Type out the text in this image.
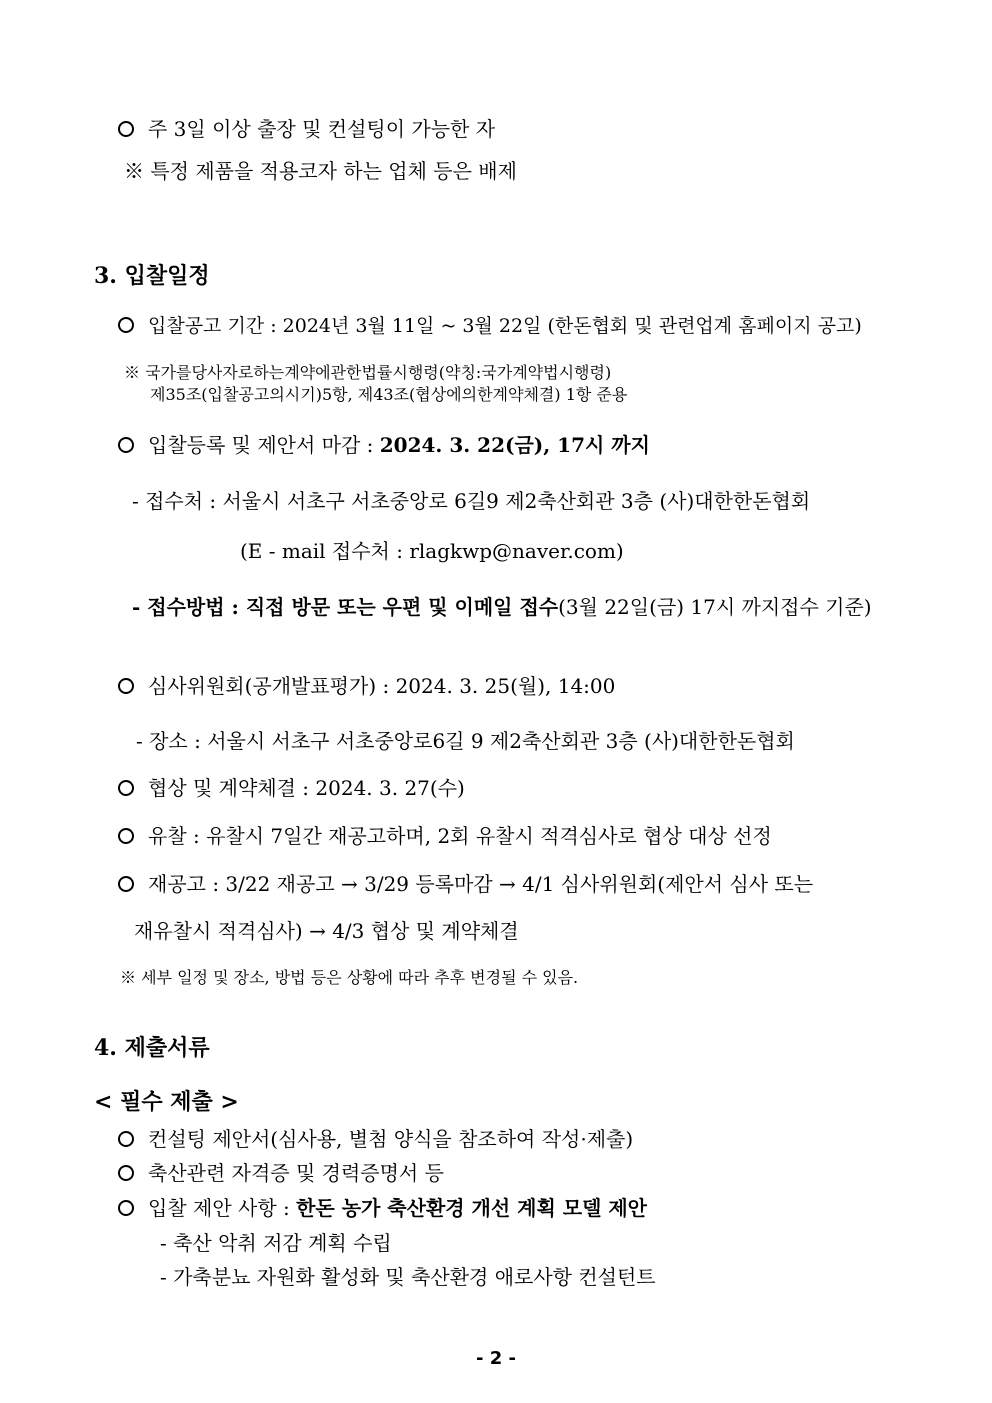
주 3일 이상 출장 및 컨설팅이 가능한 자
※ 특정 제품을 적용코자 하는 업체 등은 배제
3. 입찰일정
입찰공고 기간 : 2024년 3월 11일 ~ 3월 22일 (한돈협회 및 관련업계 홈페이지 공고)
※ 국가를당사자로하는계약에관한법률시행령(약칭:국가계약법시행령)
제35조(입찰공고의시기)5항, 제43조(협상에의한계약체결) 1항 준용
입찰등록 및 제안서 마감 : 2024. 3. 22(금), 17시 까지
- 접수처 : 서울시 서초구 서초중앙로 6길9 제2축산회관 3층 (사)대한한돈협회
(E - mail 접수처 : rlagkwp@naver.com)
- 접수방법 : 직접 방문 또는 우편 및 이메일 접수(3월 22일(금) 17시 까지접수 기준)
심사위원회(공개발표평가) : 2024. 3. 25(월), 14:00
- 장소 : 서울시 서초구 서초중앙로6길 9 제2축산회관 3층 (사)대한한돈협회
협상 및 계약체결 : 2024. 3. 27(수)
유찰 : 유찰시 7일간 재공고하며, 2회 유찰시 적격심사로 협상 대상 선정
재공고 : 3/22 재공고 → 3/29 등록마감 → 4/1 심사위원회(제안서 심사 또는
재유찰시 적격심사) → 4/3 협상 및 계약체결
※ 세부 일정 및 장소, 방법 등은 상황에 따라 추후 변경될 수 있음.
4. 제출서류
< 필수 제출 >
컨설팅 제안서(심사용, 별첨 양식을 참조하여 작성·제출)
축산관련 자격증 및 경력증명서 등
입찰 제안 사항 : 한돈 농가 축산환경 개선 계획 모델 제안
- 축산 악취 저감 계획 수립
- 가축분뇨 자원화 활성화 및 축산환경 애로사항 컨설턴트
- 2 -
